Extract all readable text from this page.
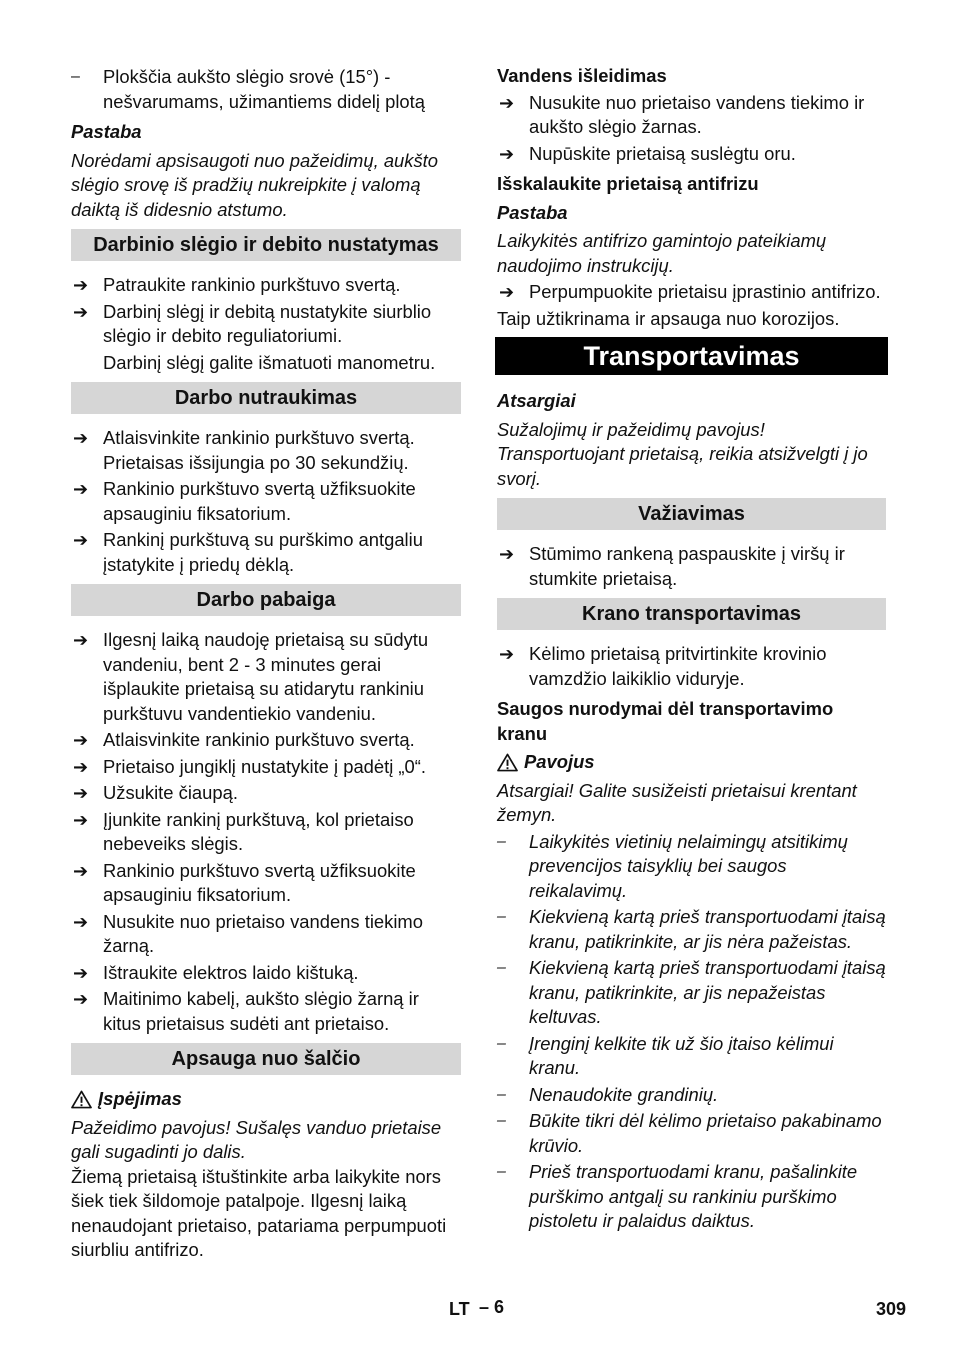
– Plokščia aukšto slėgio srovė (15°) - nešvarumams, užimantiems didelį plotą

Pastaba

Norėdami apsisaugoti nuo pažeidimų, aukšto slėgio srovę iš pradžių nukreipkite į valomą daiktą iš didesnio atstumo.

Darbinio slėgio ir debito nustatymas
➔ Patraukite rankinio purkštuvo svertą.

➔ Darbinį slėgį ir debitą nustatykite siurblio slėgio ir debito reguliatoriumi.

Darbinį slėgį galite išmatuoti manometru.

Darbo nutraukimas
➔ Atlaisvinkite rankinio purkštuvo svertą. Prietaisas išsijungia po 30 sekundžių.

➔ Rankinio purkštuvo svertą užfiksuokite apsauginiu fiksatorium.

➔ Rankinį purkštuvą su purškimo antgaliu įstatykite į priedų dėklą.

Darbo pabaiga
➔ Ilgesnį laiką naudoję prietaisą su sūdytu vandeniu, bent 2 - 3 minutes gerai išplaukite prietaisą su atidarytu rankiniu purkštuvu vandentiekio vandeniu.

➔ Atlaisvinkite rankinio purkštuvo svertą.

➔ Prietaiso jungiklį nustatykite į padėtį „0“.

➔ Užsukite čiaupą.

➔ Įjunkite rankinį purkštuvą, kol prietaiso nebeveiks slėgis.

➔ Rankinio purkštuvo svertą užfiksuokite apsauginiu fiksatorium.

➔ Nusukite nuo prietaiso vandens tiekimo žarną.

➔ Ištraukite elektros laido kištuką.

➔ Maitinimo kabelį, aukšto slėgio žarną ir kitus prietaisus sudėti ant prietaiso.

Apsauga nuo šalčio

Įspėjimas

Pažeidimo pavojus! Sušalęs vanduo prietaise gali sugadinti jo dalis.

Žiemą prietaisą ištuštinkite arba laikykite nors šiek tiek šildomoje patalpoje. Ilgesnį laiką nenaudojant prietaiso, patariama perpumpuoti siurbliu antifrizo.

Vandens išleidimas

➔ Nusukite nuo prietaiso vandens tiekimo ir aukšto slėgio žarnas.

➔ Nupūskite prietaisą suslėgtu oru.

Išskalaukite prietaisą antifrizu

Pastaba

Laikykitės antifrizo gamintojo pateikiamų naudojimo instrukcijų.

➔ Perpumpuokite prietaisu įprastinio antifrizo.

Taip užtikrinama ir apsauga nuo korozijos.

Transportavimas

Atsargiai

Sužalojimų ir pažeidimų pavojus! Transportuojant prietaisą, reikia atsižvelgti į jo svorį.

Važiavimas
➔ Stūmimo rankeną paspauskite į viršų ir stumkite prietaisą.

Krano transportavimas
➔ Kėlimo prietaisą pritvirtinkite krovinio vamzdžio laikiklio viduryje.

Saugos nurodymai dėl transportavimo kranu

Pavojus

Atsargiai! Galite susižeisti prietaisui krentant žemyn.

– Laikykitės vietinių nelaimingų atsitikimų prevencijos taisyklių bei saugos reikalavimų.

– Kiekvieną kartą prieš transportuodami įtaisą kranu, patikrinkite, ar jis nėra pažeistas.

– Kiekvieną kartą prieš transportuodami įtaisą kranu, patikrinkite, ar jis nepažeistas keltuvas.

– Įrenginį kelkite tik už šio įtaiso kėlimui kranu.

– Nenaudokite grandinių.

– Būkite tikri dėl kėlimo prietaiso pakabinamo krūvio.

– Prieš transportuodami kranu, pašalinkite purškimo antgalį su rankiniu purškimo pistoletu ir palaidus daiktus.

LT – 6	309
